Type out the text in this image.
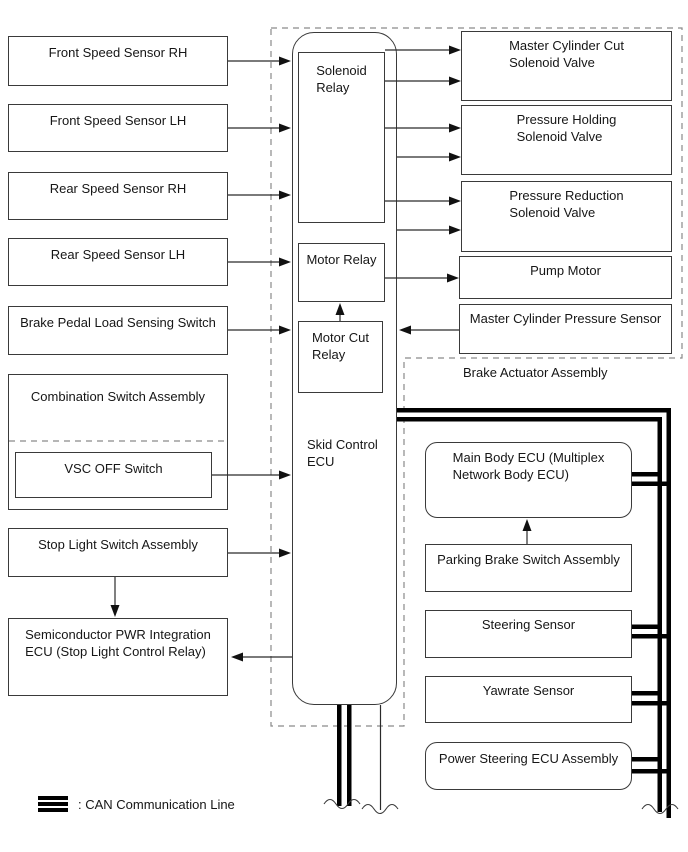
Front Speed Sensor RH
Front Speed Sensor LH
Rear Speed Sensor RH
Rear Speed Sensor LH
Brake Pedal Load Sensing Switch
Combination Switch Assembly
VSC OFF Switch
Stop Light Switch Assembly
Semiconductor PWR Integration
ECU (Stop Light Control Relay)
Solenoid
Relay
Motor Relay
Motor Cut
Relay
Skid Control
ECU
Master Cylinder Cut
Solenoid Valve
Pressure Holding
Solenoid Valve
Pressure Reduction
Solenoid Valve
Pump Motor
Master Cylinder Pressure Sensor
Brake Actuator Assembly
Main Body ECU (Multiplex
Network Body ECU)
Parking Brake Switch Assembly
Steering Sensor
Yawrate Sensor
Power Steering ECU Assembly
: CAN Communication Line
